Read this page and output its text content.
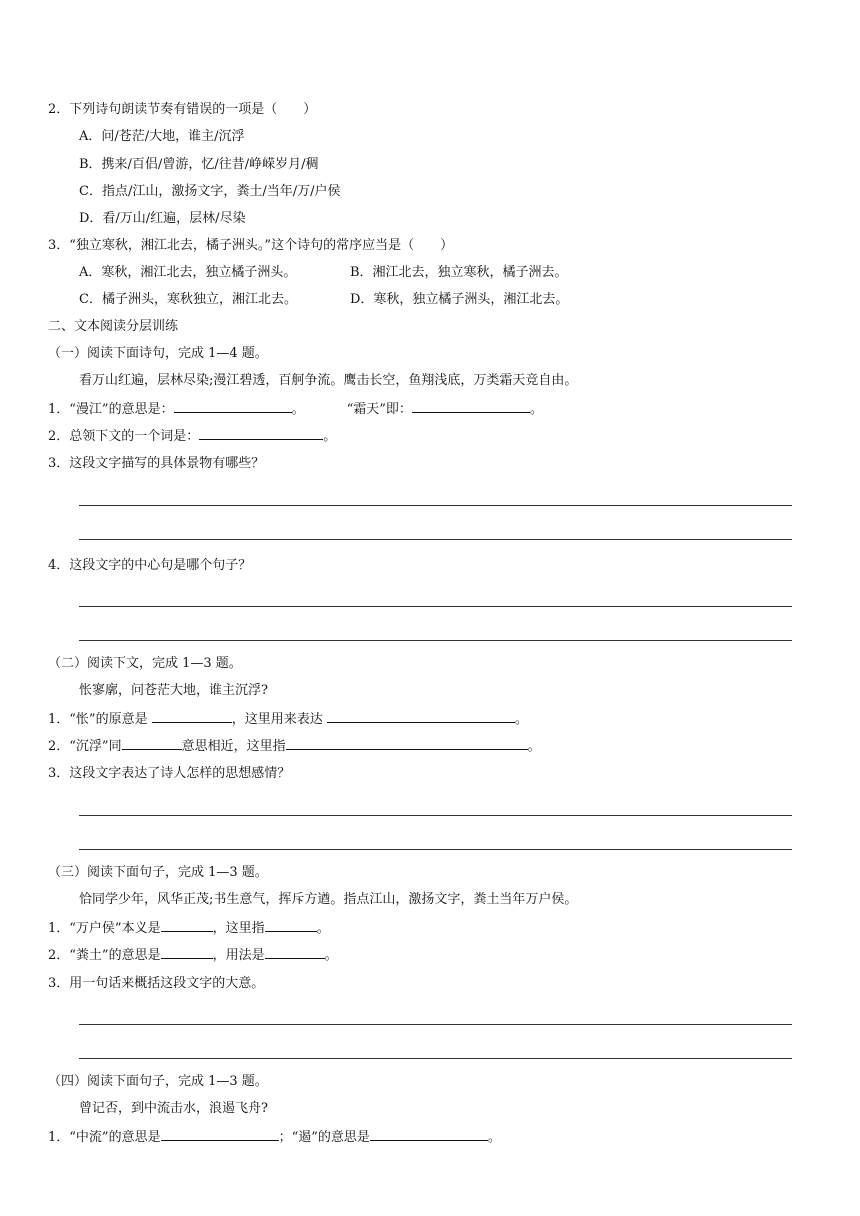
2．下列诗句朗读节奏有错误的一项是（　　）
A．问/苍茫/大地，谁主/沉浮
B．携来/百侣/曾游，忆/往昔/峥嵘岁月/稠
C．指点/江山，激扬文字，粪土/当年/万/户侯
D．看/万山/红遍，层林/尽染
3．“独立寒秋，湘江北去，橘子洲头。”这个诗句的常序应当是（　　）
A．寒秋，湘江北去，独立橘子洲头。	B．湘江北去，独立寒秋，橘子洲去。
C．橘子洲头，寒秋独立，湘江北去。	D．寒秋，独立橘子洲头，湘江北去。
二、文本阅读分层训练
（一）阅读下面诗句，完成 1—4 题。
看万山红遍，层林尽染;漫江碧透，百舸争流。鹰击长空，鱼翔浅底，万类霜天竞自由。
1．“漫江”的意思是：	。	“霜天”即：	。
2．总领下文的一个词是：	。
3．这段文字描写的具体景物有哪些？
4．这段文字的中心句是哪个句子？
（二）阅读下文，完成 1—3 题。
怅寥廓，问苍茫大地，谁主沉浮?
1．“怅”的原意是	，这里用来表达	。
2．“沉浮”同	意思相近，这里指	。
3．这段文字表达了诗人怎样的思想感情？
（三）阅读下面句子，完成 1—3 题。
恰同学少年，风华正茂;书生意气，挥斥方遒。指点江山，激扬文字，粪土当年万户侯。
1．“万户侯”本义是	，这里指	。
2．“粪土”的意思是	，用法是	。
3．用一句话来概括这段文字的大意。
（四）阅读下面句子，完成 1—3 题。
曾记否，到中流击水，浪遏飞舟?
1．“中流”的意思是	；“遏”的意思是	。
